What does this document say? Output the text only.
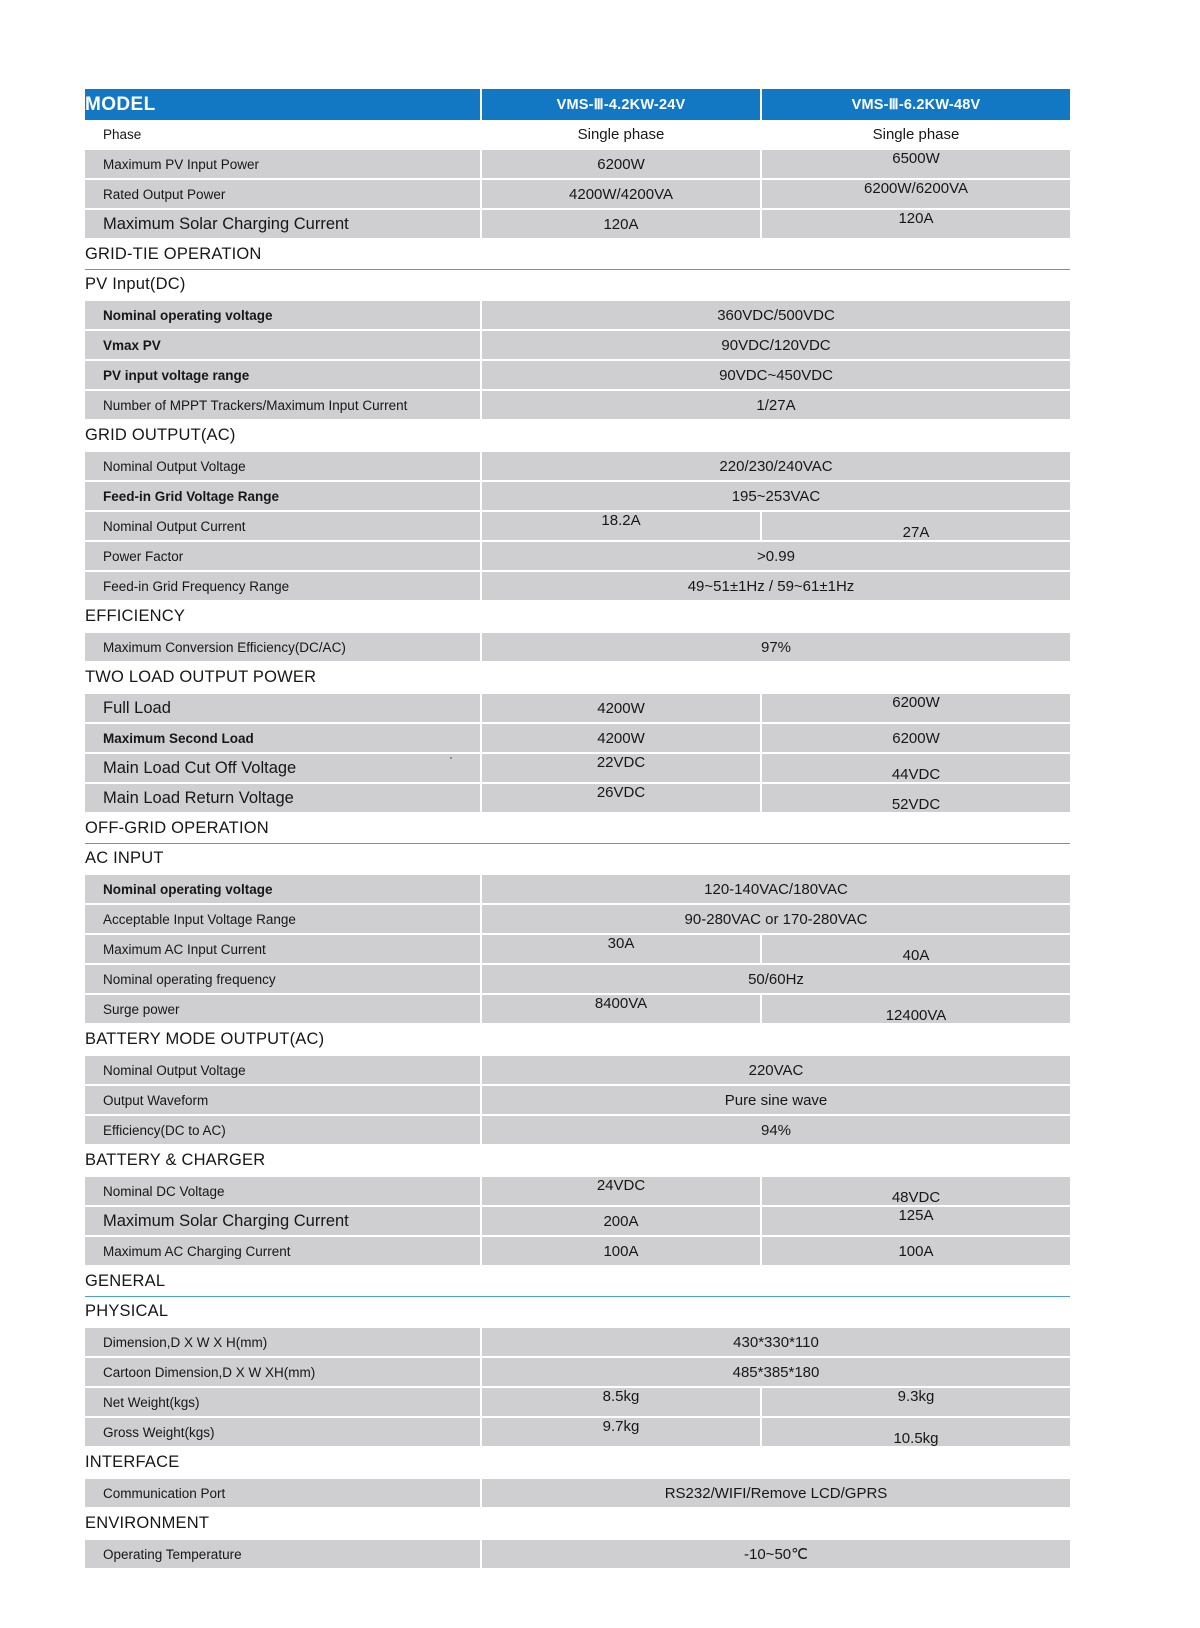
MODEL	VMS-Ⅲ-4.2KW-24V	VMS-Ⅲ-6.2KW-48V
Phase	Single phase	Single phase
Maximum PV Input Power	6200W	6500W
Rated Output Power	4200W/4200VA	6200W/6200VA
Maximum Solar Charging Current	120A	120A
GRID-TIE OPERATION		
PV Input(DC)		
Nominal operating voltage	360VDC/500VDC	
Vmax PV	90VDC/120VDC	
PV input voltage range	90VDC~450VDC	
Number of MPPT Trackers/Maximum Input Current	1/27A	
GRID OUTPUT(AC)		
Nominal Output Voltage	220/230/240VAC	
Feed-in Grid Voltage Range	195~253VAC	
Nominal Output Current	18.2A	27A
Power Factor	>0.99	
Feed-in Grid Frequency Range	49~51±1Hz / 59~61±1Hz	
EFFICIENCY		
Maximum Conversion Efficiency(DC/AC)	97%	
TWO LOAD OUTPUT POWER		
Full Load	4200W	6200W
Maximum Second Load	4200W	6200W
Main Load Cut Off Voltage	22VDC	44VDC
Main Load Return Voltage	26VDC	52VDC
OFF-GRID OPERATION		
AC INPUT		
Nominal operating voltage	120-140VAC/180VAC	
Acceptable Input Voltage Range	90-280VAC or 170-280VAC	
Maximum AC Input Current	30A	40A
Nominal operating frequency	50/60Hz	
Surge power	8400VA	12400VA
BATTERY MODE OUTPUT(AC)		
Nominal Output Voltage	220VAC	
Output Waveform	Pure sine wave	
Efficiency(DC to AC)	94%	
BATTERY & CHARGER		
Nominal DC Voltage	24VDC	48VDC
Maximum Solar Charging Current	200A	125A
Maximum AC Charging Current	100A	100A
GENERAL		
PHYSICAL		
Dimension,D X W X H(mm)	430*330*110	
Cartoon Dimension,D X W XH(mm)	485*385*180	
Net Weight(kgs)	8.5kg	9.3kg
Gross Weight(kgs)	9.7kg	10.5kg
INTERFACE		
Communication Port	RS232/WIFI/Remove LCD/GPRS	
ENVIRONMENT		
Operating Temperature	-10~50℃	
